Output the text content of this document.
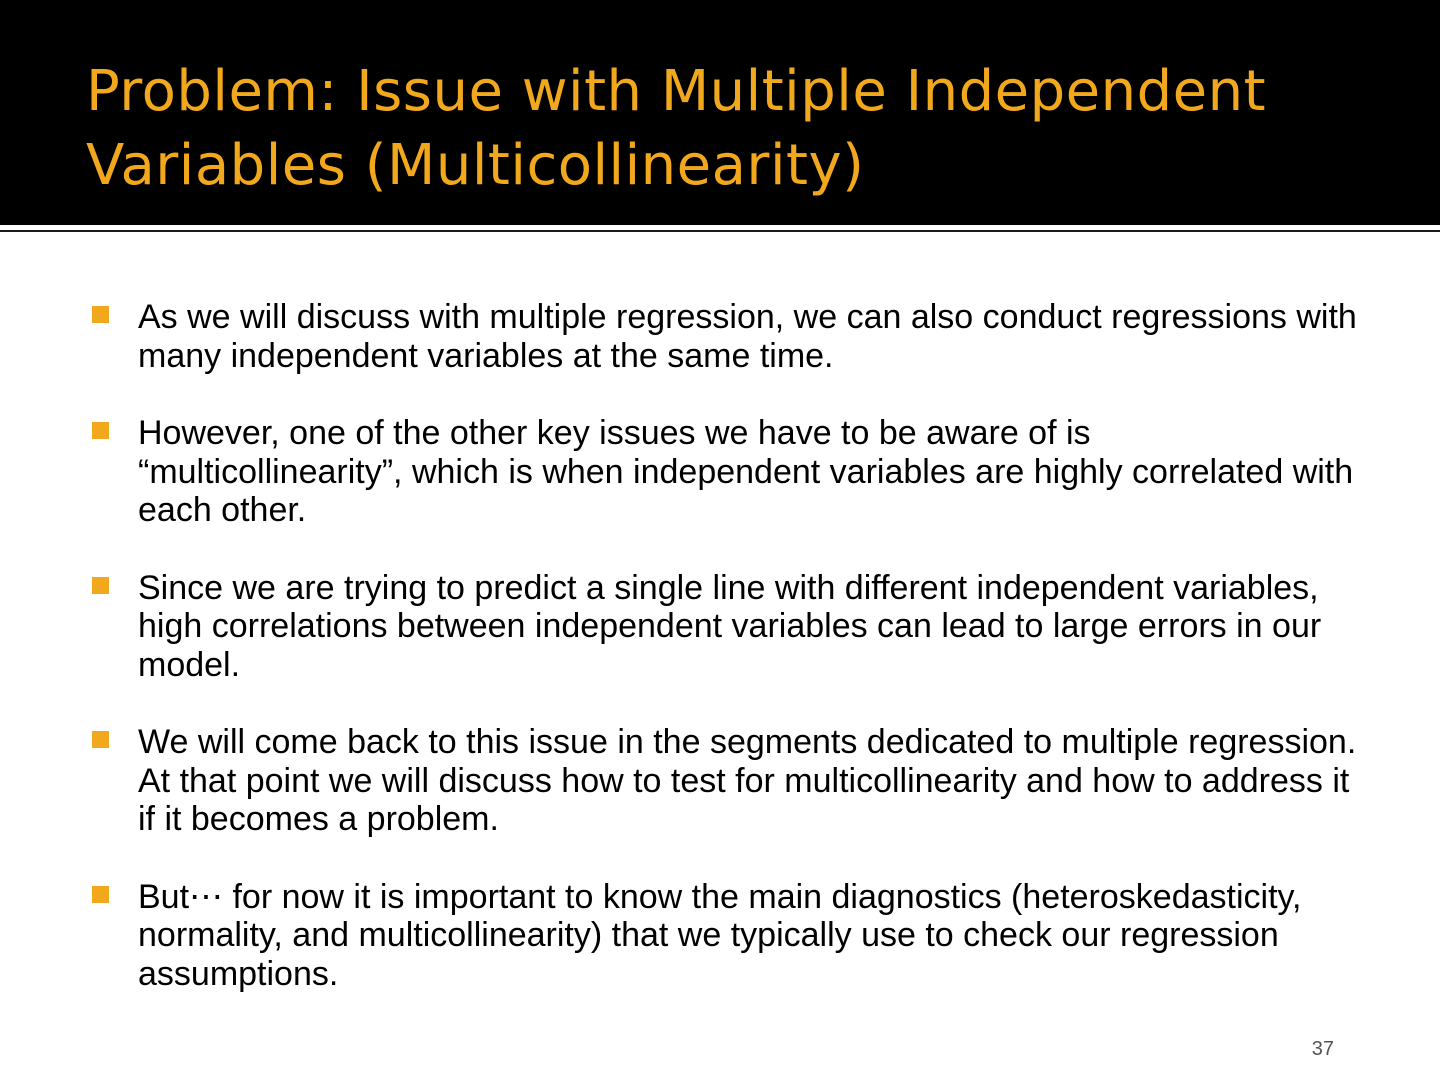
Problem: Issue with Multiple Independent Variables (Multicollinearity)
As we will discuss with multiple regression, we can also conduct regressions with many independent variables at the same time.
However, one of the other key issues we have to be aware of is “multicollinearity”, which is when independent variables are highly correlated with each other.
Since we are trying to predict a single line with different independent variables, high correlations between independent variables can lead to large errors in our model.
We will come back to this issue in the segments dedicated to multiple regression. At that point we will discuss how to test for multicollinearity and how to address it if it becomes a problem.
But⋯ for now it is important to know the main diagnostics (heteroskedasticity, normality, and multicollinearity) that we typically use to check our regression assumptions.
37
